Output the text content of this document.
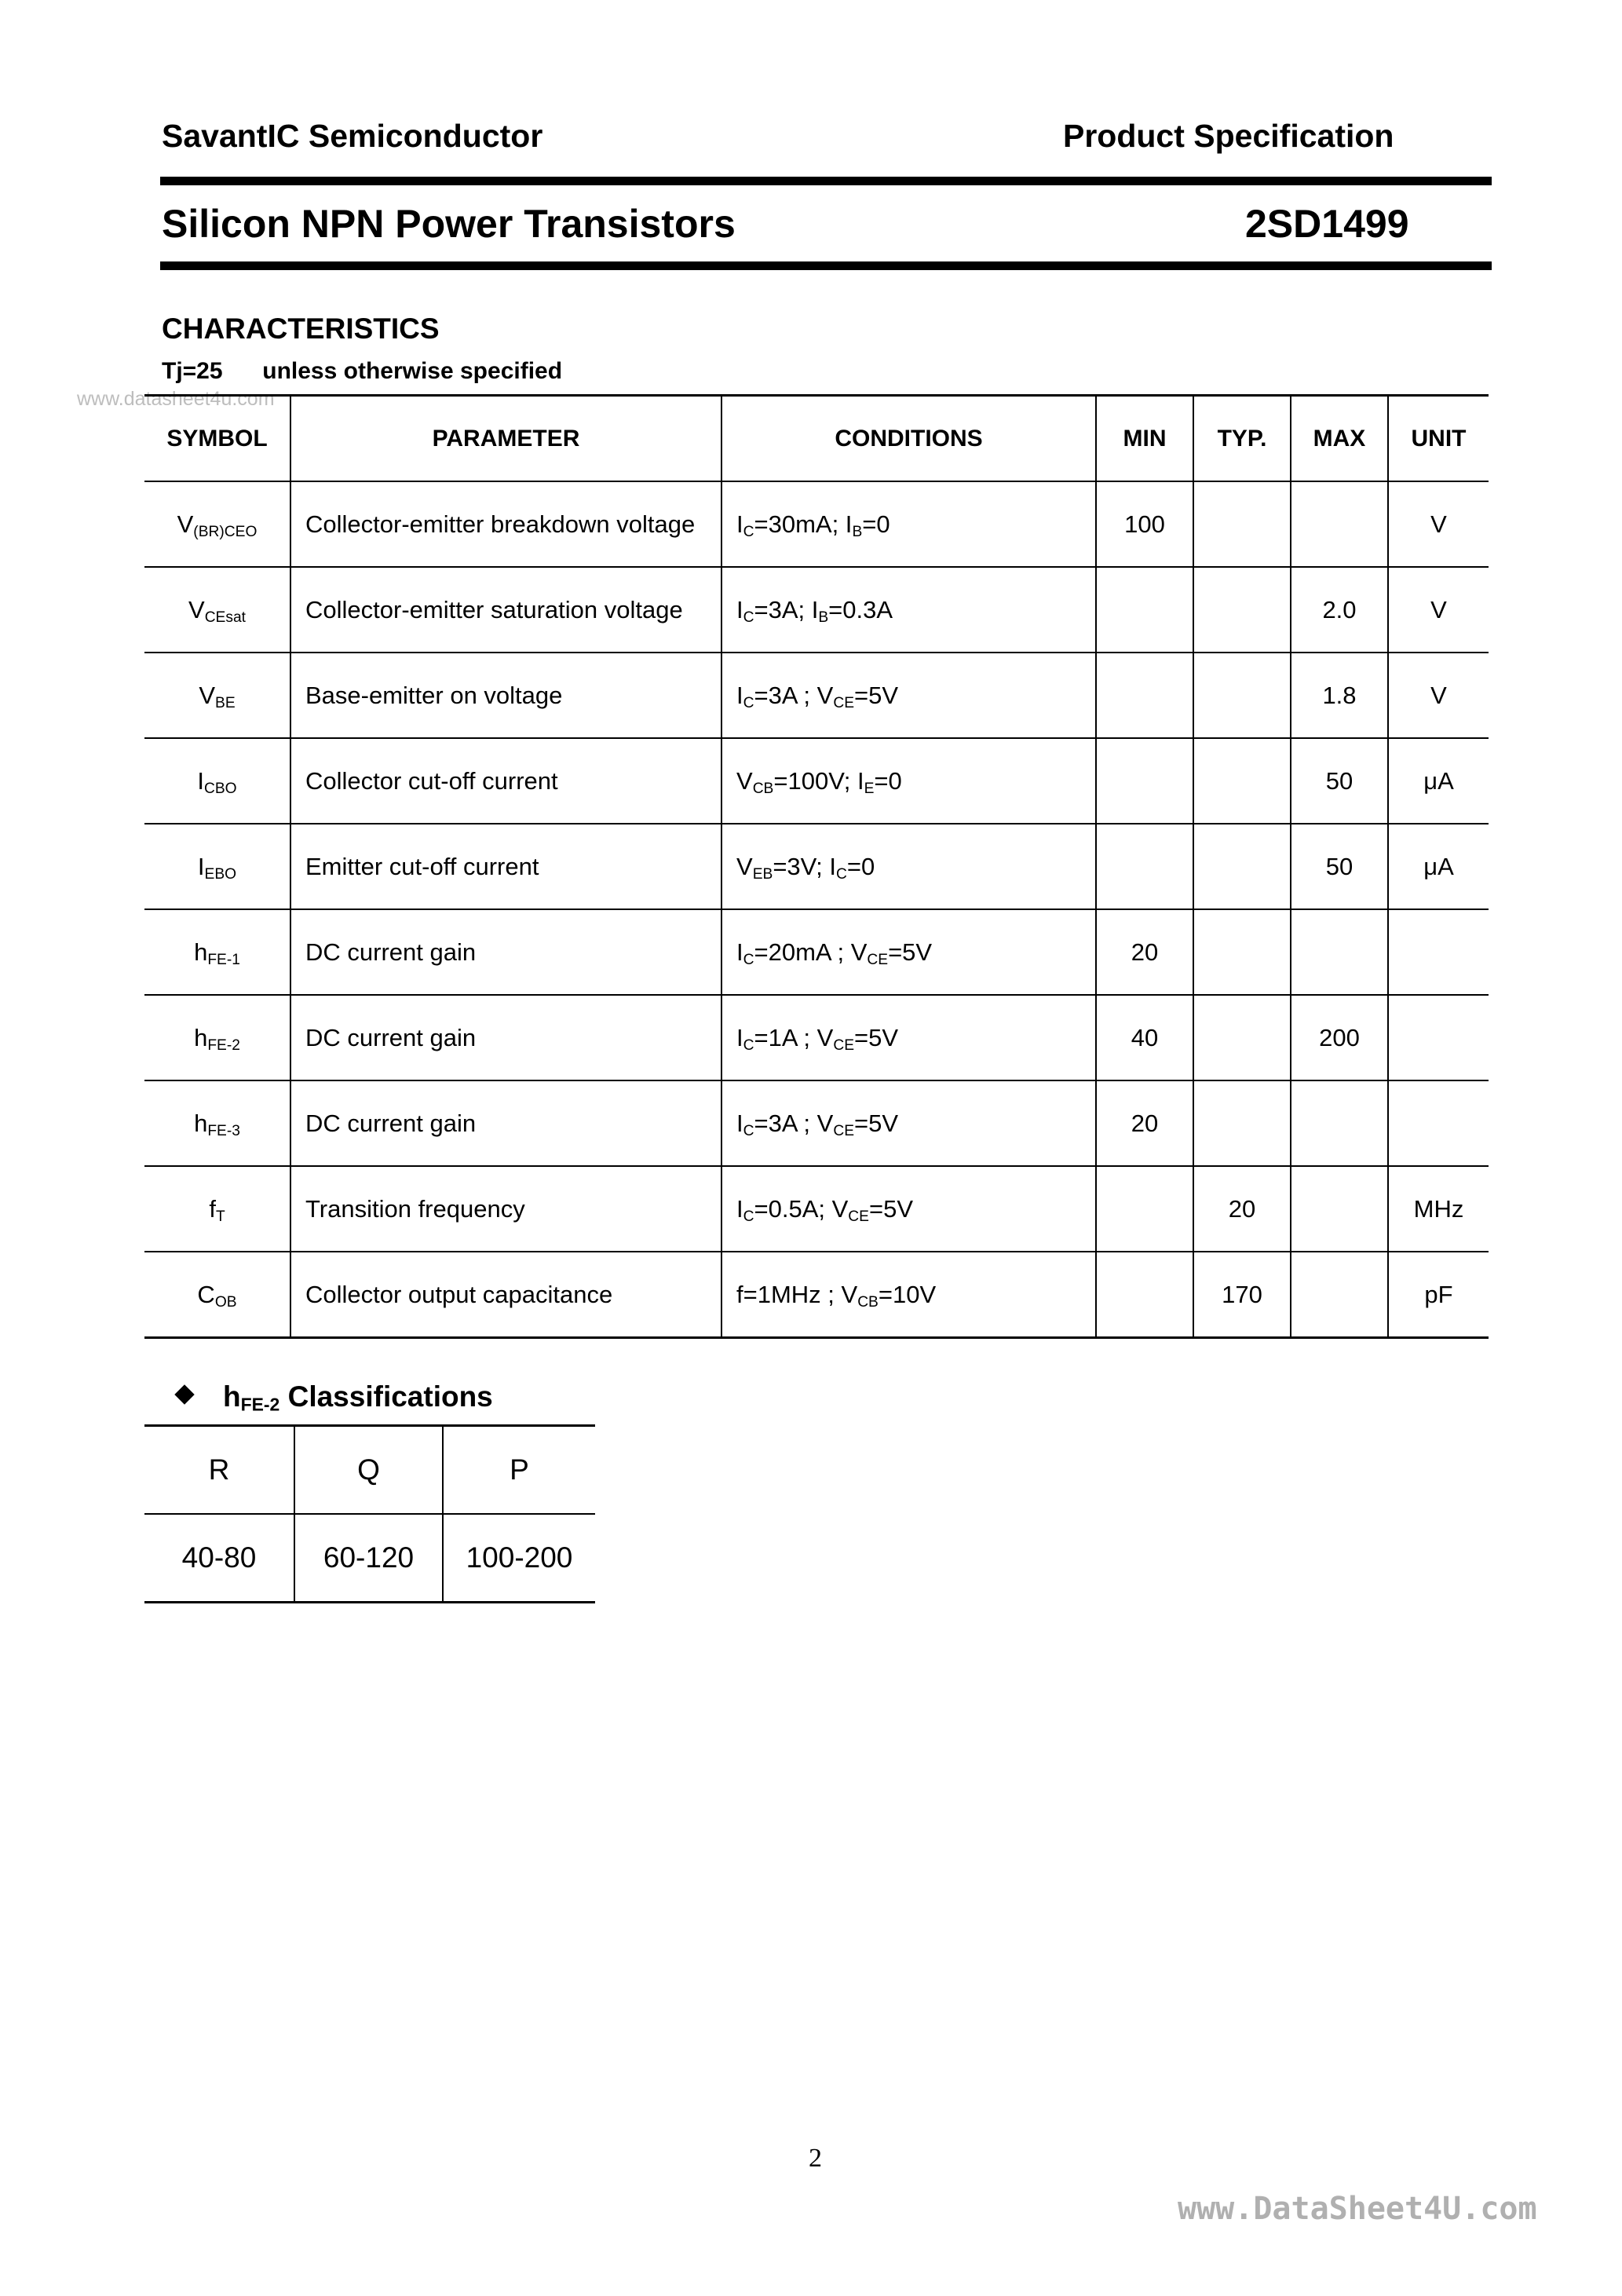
SavantIC Semiconductor	Product Specification
Silicon NPN Power Transistors	2SD1499
CHARACTERISTICS
Tj=25 unless otherwise specified
www.datasheet4u.com
SYMBOL	PARAMETER	CONDITIONS	MIN	TYP.	MAX	UNIT
$V_{(BR)CEO}$	Collector-emitter breakdown voltage	$I_C=30mA$; $I_B=0$	100			V
$V_{CEsat}$	Collector-emitter saturation voltage	$I_C=3A$; $I_B=0.3A$			2.0	V
$V_{BE}$	Base-emitter on voltage	$I_C=3A$ ; $V_{CE}=5V$			1.8	V
$I_{CBO}$	Collector cut-off current	$V_{CB}=100V$; $I_E=0$			50	μA
$I_{EBO}$	Emitter cut-off current	$V_{EB}=3V$; $I_C=0$			50	μA
$h_{FE-1}$	DC current gain	$I_C=20mA$ ; $V_{CE}=5V$	20			
$h_{FE-2}$	DC current gain	$I_C=1A$ ; $V_{CE}=5V$	40		200	
$h_{FE-3}$	DC current gain	$I_C=3A$ ; $V_{CE}=5V$	20			
$f_T$	Transition frequency	$I_C=0.5A$; $V_{CE}=5V$		20		MHz
$C_{OB}$	Collector output capacitance	f=1MHz ; $V_{CB}=10V$		170		pF
$h_{FE-2}$ Classifications
R	Q	P
40-80	60-120	100-200
2
www.DataSheet4U.com
